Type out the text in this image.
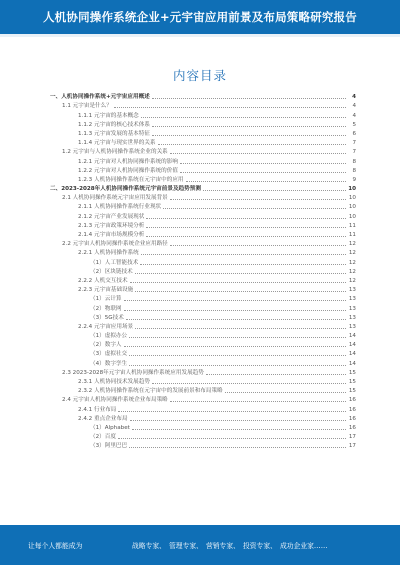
人机协同操作系统企业+元宇宙应用前景及布局策略研究报告
内容目录
一、人机协同操作系统+元宇宙应用概述	4
1.1 元宇宙是什么？	4
1.1.1 元宇宙的基本概念	4
1.1.2 元宇宙的核心技术体系	5
1.1.3 元宇宙发展的基本特征	6
1.1.4 元宇宙与现实世界的关系	7
1.2 元宇宙与人机协同操作系统企业的关系	7
1.2.1 元宇宙对人机协同操作系统的影响	8
1.2.2 元宇宙对人机协同操作系统的价值	8
1.2.3 人机协同操作系统在元宇宙中的应用	9
二、2023-2028年人机协同操作系统元宇宙前景及趋势预测	10
2.1 人机协同操作系统元宇宙应用发展背景	10
2.1.1 人机协同操作系统行业现状	10
2.1.2 元宇宙产业发展现状	10
2.1.3 元宇宙政策环境分析	11
2.1.4 元宇宙市场规模分析	11
2.2 元宇宙人机协同操作系统企业应用路径	12
2.2.1 人机协同操作系统	12
（1）人工智能技术	12
（2）区块链技术	12
2.2.2 人机交互技术	12
2.2.3 元宇宙基础设施	13
（1）云计算	13
（2）物联网	13
（3）5G技术	13
2.2.4 元宇宙应用场景	13
（1）虚拟办公	14
（2）数字人	14
（3）虚拟社交	14
（4）数字孪生	14
2.3 2023-2028年元宇宙人机协同操作系统应用发展趋势	15
2.3.1 人机协同技术发展趋势	15
2.3.2 人机协同操作系统在元宇宙中的发展前景和布局策略	15
2.4 元宇宙人机协同操作系统企业布局策略	16
2.4.1 行业布局	16
2.4.2 重点企业布局	16
（1）Alphabet	16
（2）百度	17
（3）阿里巴巴	17
让每个人都能成为	战略专家、 管理专家、 营销专家、 投资专家、 成功企业家……
